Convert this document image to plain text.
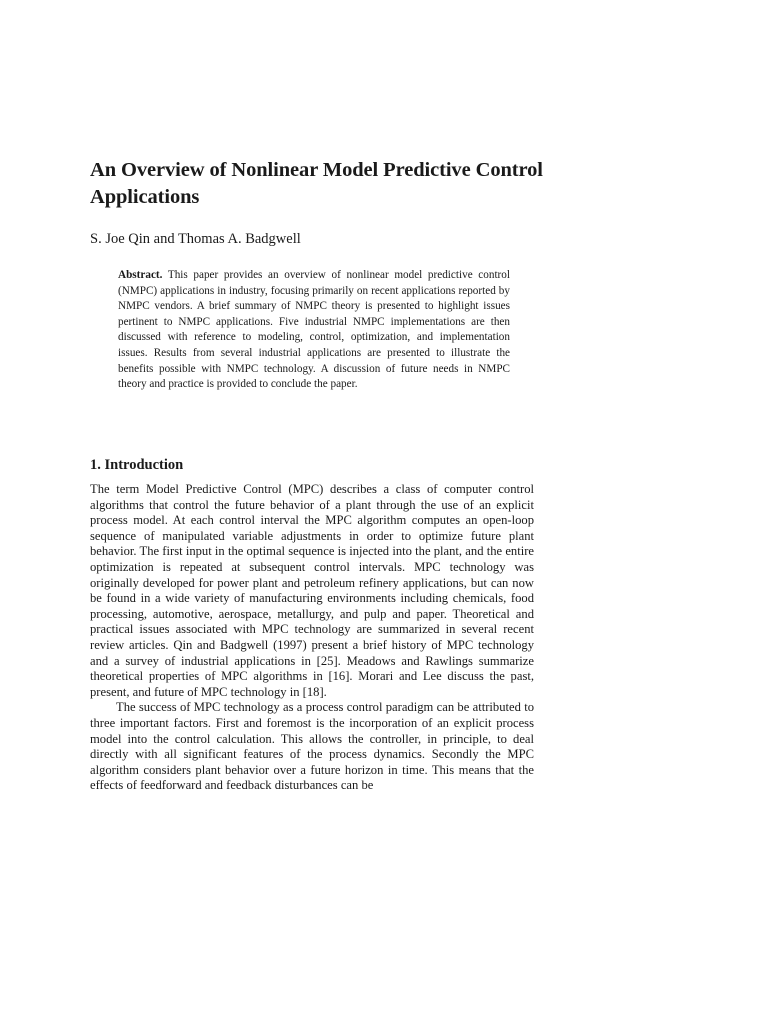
An Overview of Nonlinear Model Predictive Control Applications
S. Joe Qin and Thomas A. Badgwell
Abstract. This paper provides an overview of nonlinear model predictive control (NMPC) applications in industry, focusing primarily on recent applications reported by NMPC vendors. A brief summary of NMPC theory is presented to highlight issues pertinent to NMPC applications. Five industrial NMPC implementations are then discussed with reference to modeling, control, optimization, and implementation issues. Results from several industrial applications are presented to illustrate the benefits possible with NMPC technology. A discussion of future needs in NMPC theory and practice is provided to conclude the paper.
1. Introduction

The term Model Predictive Control (MPC) describes a class of computer control algorithms that control the future behavior of a plant through the use of an explicit process model. At each control interval the MPC algorithm computes an open-loop sequence of manipulated variable adjustments in order to optimize future plant behavior. The first input in the optimal sequence is injected into the plant, and the entire optimization is repeated at subsequent control intervals. MPC technology was originally developed for power plant and petroleum refinery applications, but can now be found in a wide variety of manufacturing environments including chemicals, food processing, automotive, aerospace, metallurgy, and pulp and paper. Theoretical and practical issues associated with MPC technology are summarized in several recent review articles. Qin and Badgwell (1997) present a brief history of MPC technology and a survey of industrial applications in [25]. Meadows and Rawlings summarize theoretical properties of MPC algorithms in [16]. Morari and Lee discuss the past, present, and future of MPC technology in [18].

The success of MPC technology as a process control paradigm can be attributed to three important factors. First and foremost is the incorporation of an explicit process model into the control calculation. This allows the controller, in principle, to deal directly with all significant features of the process dynamics. Secondly the MPC algorithm considers plant behavior over a future horizon in time. This means that the effects of feedforward and feedback disturbances can be
